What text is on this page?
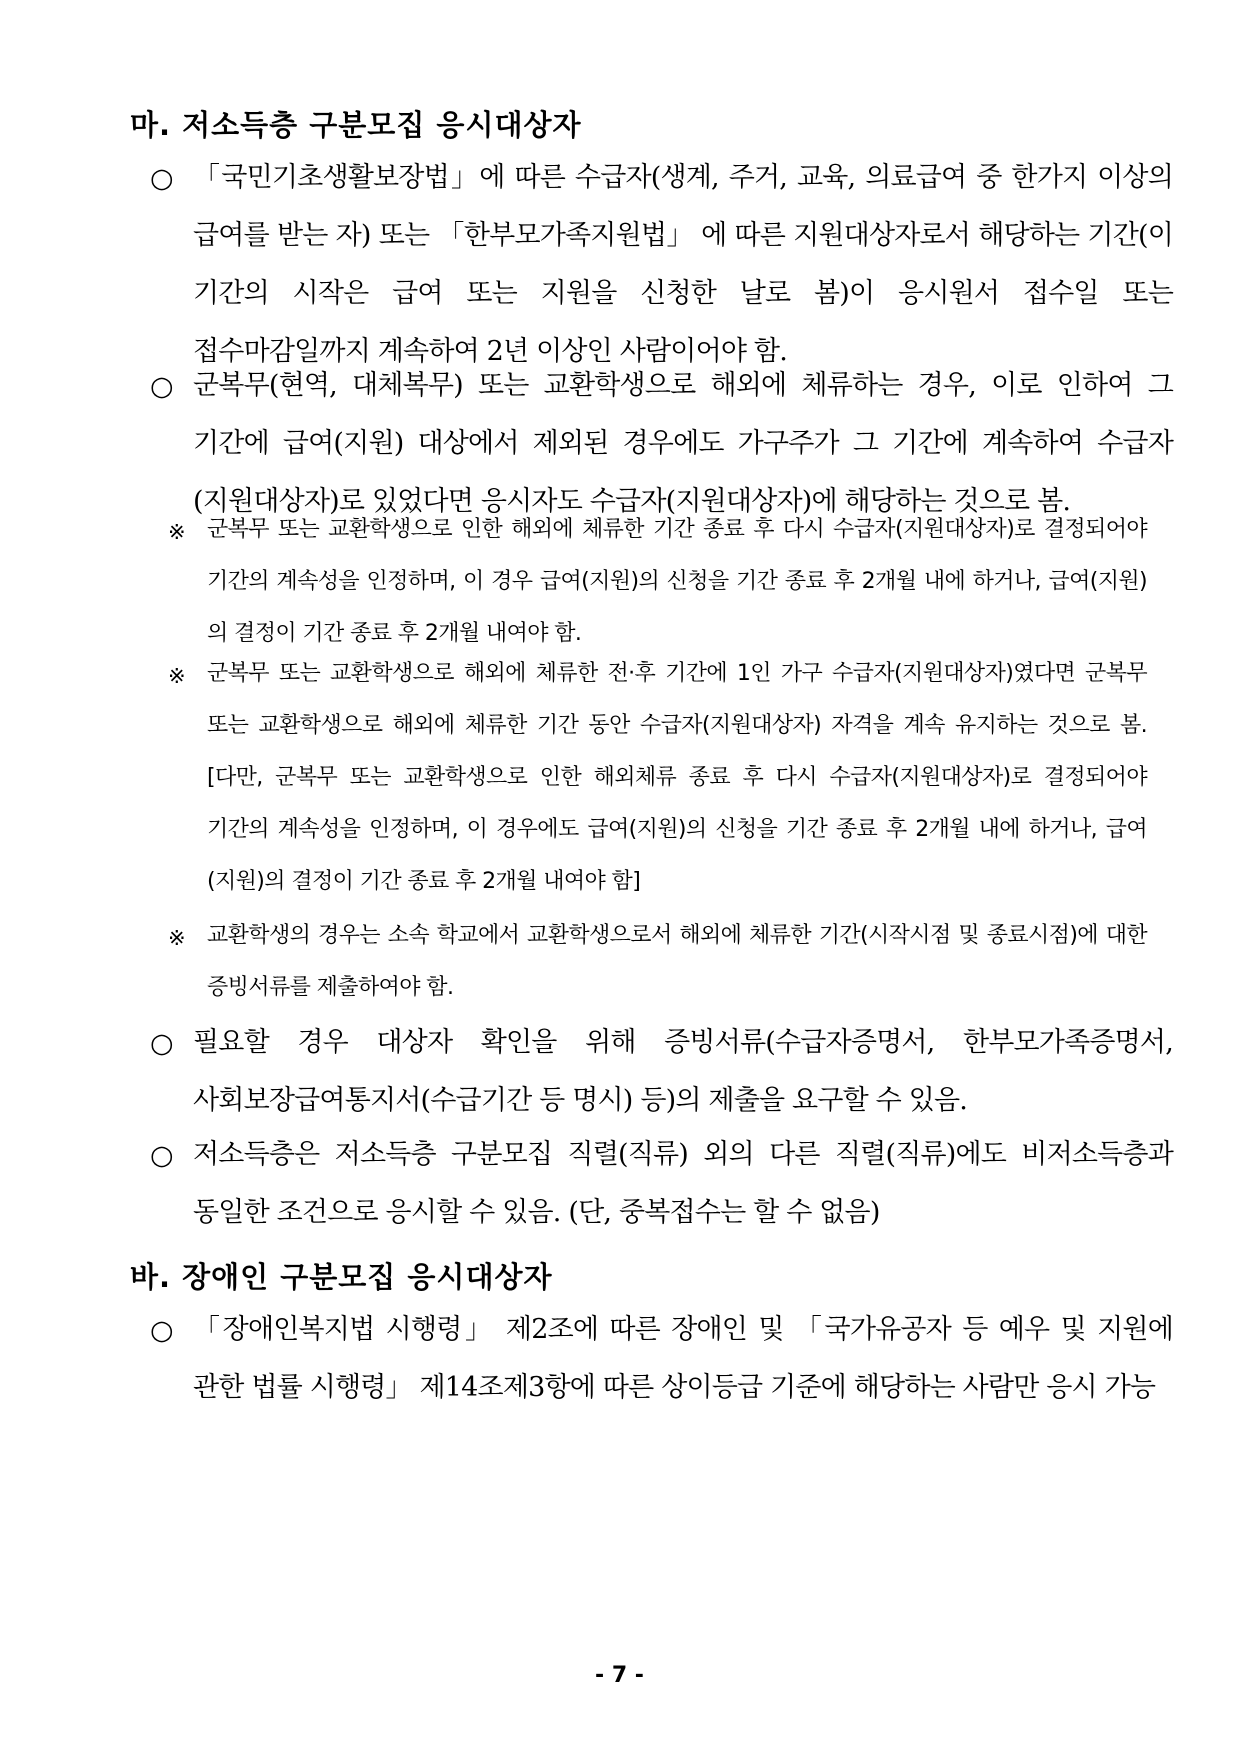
마. 저소득층 구분모집 응시대상자
○ 「국민기초생활보장법」에 따른 수급자(생계, 주거, 교육, 의료급여 중 한가지 이상의 급여를 받는 자) 또는 「한부모가족지원법」 에 따른 지원대상자로서 해당하는 기간(이 기간의 시작은 급여 또는 지원을 신청한 날로 봄)이 응시원서 접수일 또는 접수마감일까지 계속하여 2년 이상인 사람이어야 함.
○ 군복무(현역, 대체복무) 또는 교환학생으로 해외에 체류하는 경우, 이로 인하여 그 기간에 급여(지원) 대상에서 제외된 경우에도 가구주가 그 기간에 계속하여 수급자(지원대상자)로 있었다면 응시자도 수급자(지원대상자)에 해당하는 것으로 봄.
※ 군복무 또는 교환학생으로 인한 해외에 체류한 기간 종료 후 다시 수급자(지원대상자)로 결정되어야 기간의 계속성을 인정하며, 이 경우 급여(지원)의 신청을 기간 종료 후 2개월 내에 하거나, 급여(지원)의 결정이 기간 종료 후 2개월 내여야 함.
※ 군복무 또는 교환학생으로 해외에 체류한 전·후 기간에 1인 가구 수급자(지원대상자)였다면 군복무 또는 교환학생으로 해외에 체류한 기간 동안 수급자(지원대상자) 자격을 계속 유지하는 것으로 봄.[다만, 군복무 또는 교환학생으로 인한 해외체류 종료 후 다시 수급자(지원대상자)로 결정되어야 기간의 계속성을 인정하며, 이 경우에도 급여(지원)의 신청을 기간 종료 후 2개월 내에 하거나, 급여(지원)의 결정이 기간 종료 후 2개월 내여야 함]
※ 교환학생의 경우는 소속 학교에서 교환학생으로서 해외에 체류한 기간(시작시점 및 종료시점)에 대한 증빙서류를 제출하여야 함.
○ 필요할 경우 대상자 확인을 위해 증빙서류(수급자증명서, 한부모가족증명서, 사회보장급여통지서(수급기간 등 명시) 등)의 제출을 요구할 수 있음.
○ 저소득층은 저소득층 구분모집 직렬(직류) 외의 다른 직렬(직류)에도 비저소득층과 동일한 조건으로 응시할 수 있음. (단, 중복접수는 할 수 없음)
바. 장애인 구분모집 응시대상자
○ 「장애인복지법 시행령」 제2조에 따른 장애인 및 「국가유공자 등 예우 및 지원에 관한 법률 시행령」 제14조제3항에 따른 상이등급 기준에 해당하는 사람만 응시 가능
- 7 -
